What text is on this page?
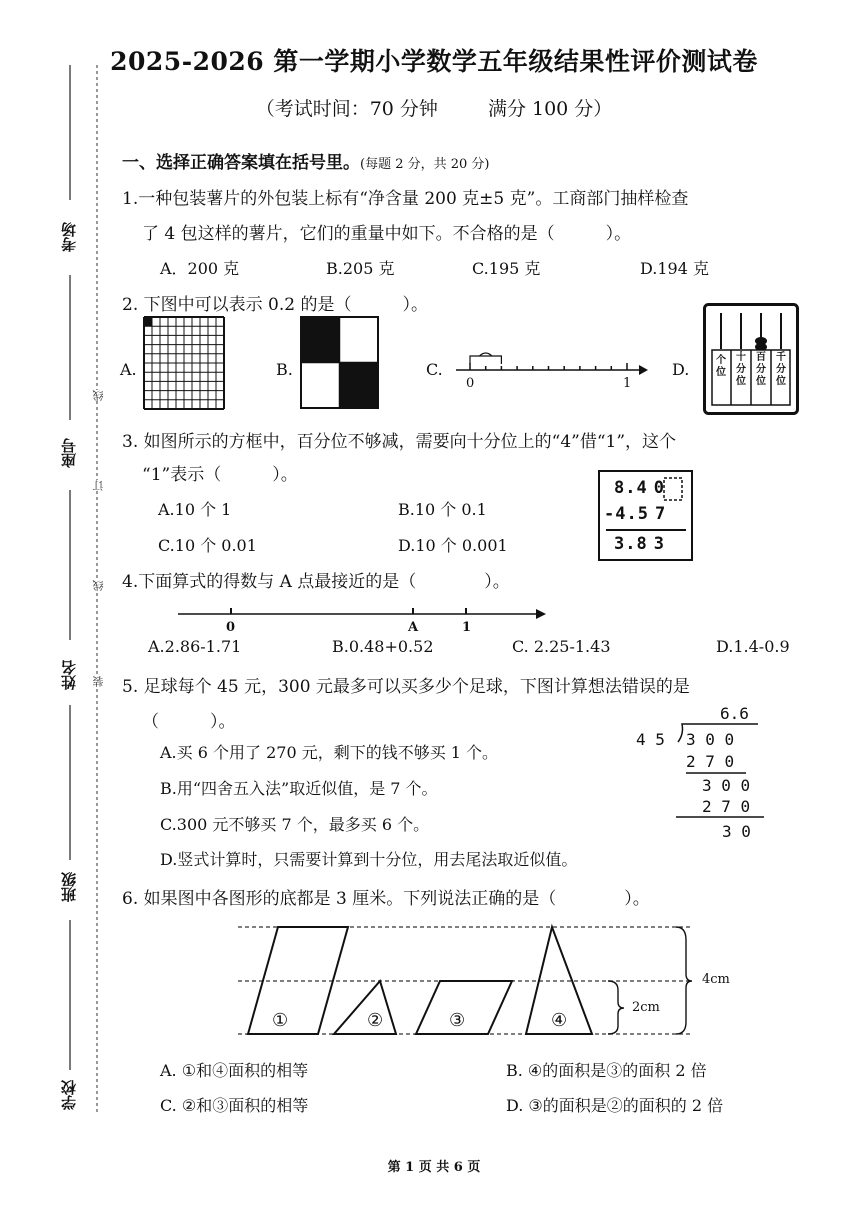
考场
座号
姓名
班级
学校
线
订
线
装
2025-2026 第一学期小学数学五年级结果性评价测试卷
（考试时间：70 分钟	满分 100 分）
一、选择正确答案填在括号里。(每题 2 分，共 20 分)
1.一种包装薯片的外包装上标有“净含量 200 克±5 克”。工商部门抽样检查
了 4 包这样的薯片，它们的重量中如下。不合格的是（　　　）。
A．200 克	B.205 克	C.195 克	D.194 克
2. 下图中可以表示 0.2 的是（　　　）。
A.	B.	C.
0	1
D.	个位
十分位
百分位
千分位
3. 如图所示的方框中，百分位不够减，需要向十分位上的“4”借“1”，这个
“1”表示（　　　）。
A.10 个 1	B.10 个 0.1
C.10 个 0.01	D.10 个 0.001
8.4 0
-4.5 7
3.8 3
4.下面算式的得数与 A 点最接近的是（　　　　）。
0	A	1
A.2.86-1.71	B.0.48+0.52	C. 2.25-1.43	D.1.4-0.9
5. 足球每个 45 元，300 元最多可以买多少个足球，下图计算想法错误的是
（　　　）。
A.买 6 个用了 270 元，剩下的钱不够买 1 个。
B.用“四舍五入法”取近似值，是 7 个。
C.300 元不够买 7 个，最多买 6 个。
D.竖式计算时，只需要计算到十分位，用去尾法取近似值。
6.6
4 5 3 0 0
2 7 0
3 0 0
2 7 0
3 0
6. 如果图中各图形的底都是 3 厘米。下列说法正确的是（　　　　）。
①	②	③	④
4cm
2cm
A. ①和④面积的相等	B. ④的面积是③的面积 2 倍
C. ②和③面积的相等	D. ③的面积是②的面积的 2 倍
第 1 页 共 6 页
